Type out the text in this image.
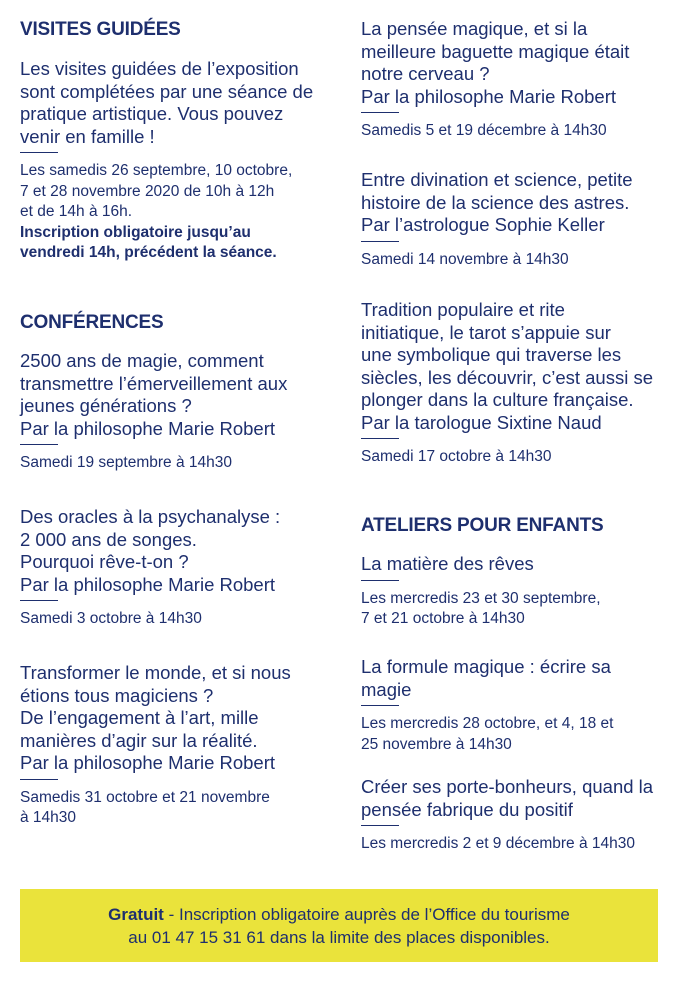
VISITES GUIDÉES

Les visites guidées de l’exposition

sont complétées par une séance de

pratique artistique. Vous pouvez

venir en famille !

Les samedis 26 septembre, 10 octobre,

7 et 28 novembre 2020 de 10h à 12h

et de 14h à 16h.

Inscription obligatoire jusqu’au

vendredi 14h, précédent la séance.

CONFÉRENCES

2500 ans de magie, comment

transmettre l’émerveillement aux

jeunes générations ?

Par la philosophe Marie Robert

Samedi 19 septembre à 14h30

Des oracles à la psychanalyse :

2 000 ans de songes.

Pourquoi rêve-t-on ?

Par la philosophe Marie Robert

Samedi 3 octobre à 14h30

Transformer le monde, et si nous

étions tous magiciens ?

De l’engagement à l’art, mille

manières d’agir sur la réalité.

Par la philosophe Marie Robert

Samedis 31 octobre et 21 novembre

à 14h30

La pensée magique, et si la

meilleure baguette magique était

notre cerveau ?

Par la philosophe Marie Robert

Samedis 5 et 19 décembre à 14h30

Entre divination et science, petite

histoire de la science des astres.

Par l’astrologue Sophie Keller

Samedi 14 novembre à 14h30

Tradition populaire et rite

initiatique, le tarot s’appuie sur

une symbolique qui traverse les

siècles, les découvrir, c’est aussi se

plonger dans la culture française.

Par la tarologue Sixtine Naud

Samedi 17 octobre à 14h30

ATELIERS POUR ENFANTS

La matière des rêves

Les mercredis 23 et 30 septembre,

7 et 21 octobre à 14h30

La formule magique : écrire sa

magie

Les mercredis 28 octobre, et 4, 18 et

25 novembre à 14h30

Créer ses porte-bonheurs, quand la

pensée fabrique du positif

Les mercredis 2 et 9 décembre à 14h30

Gratuit - Inscription obligatoire auprès de l’Office du tourisme
au 01 47 15 31 61 dans la limite des places disponibles.
